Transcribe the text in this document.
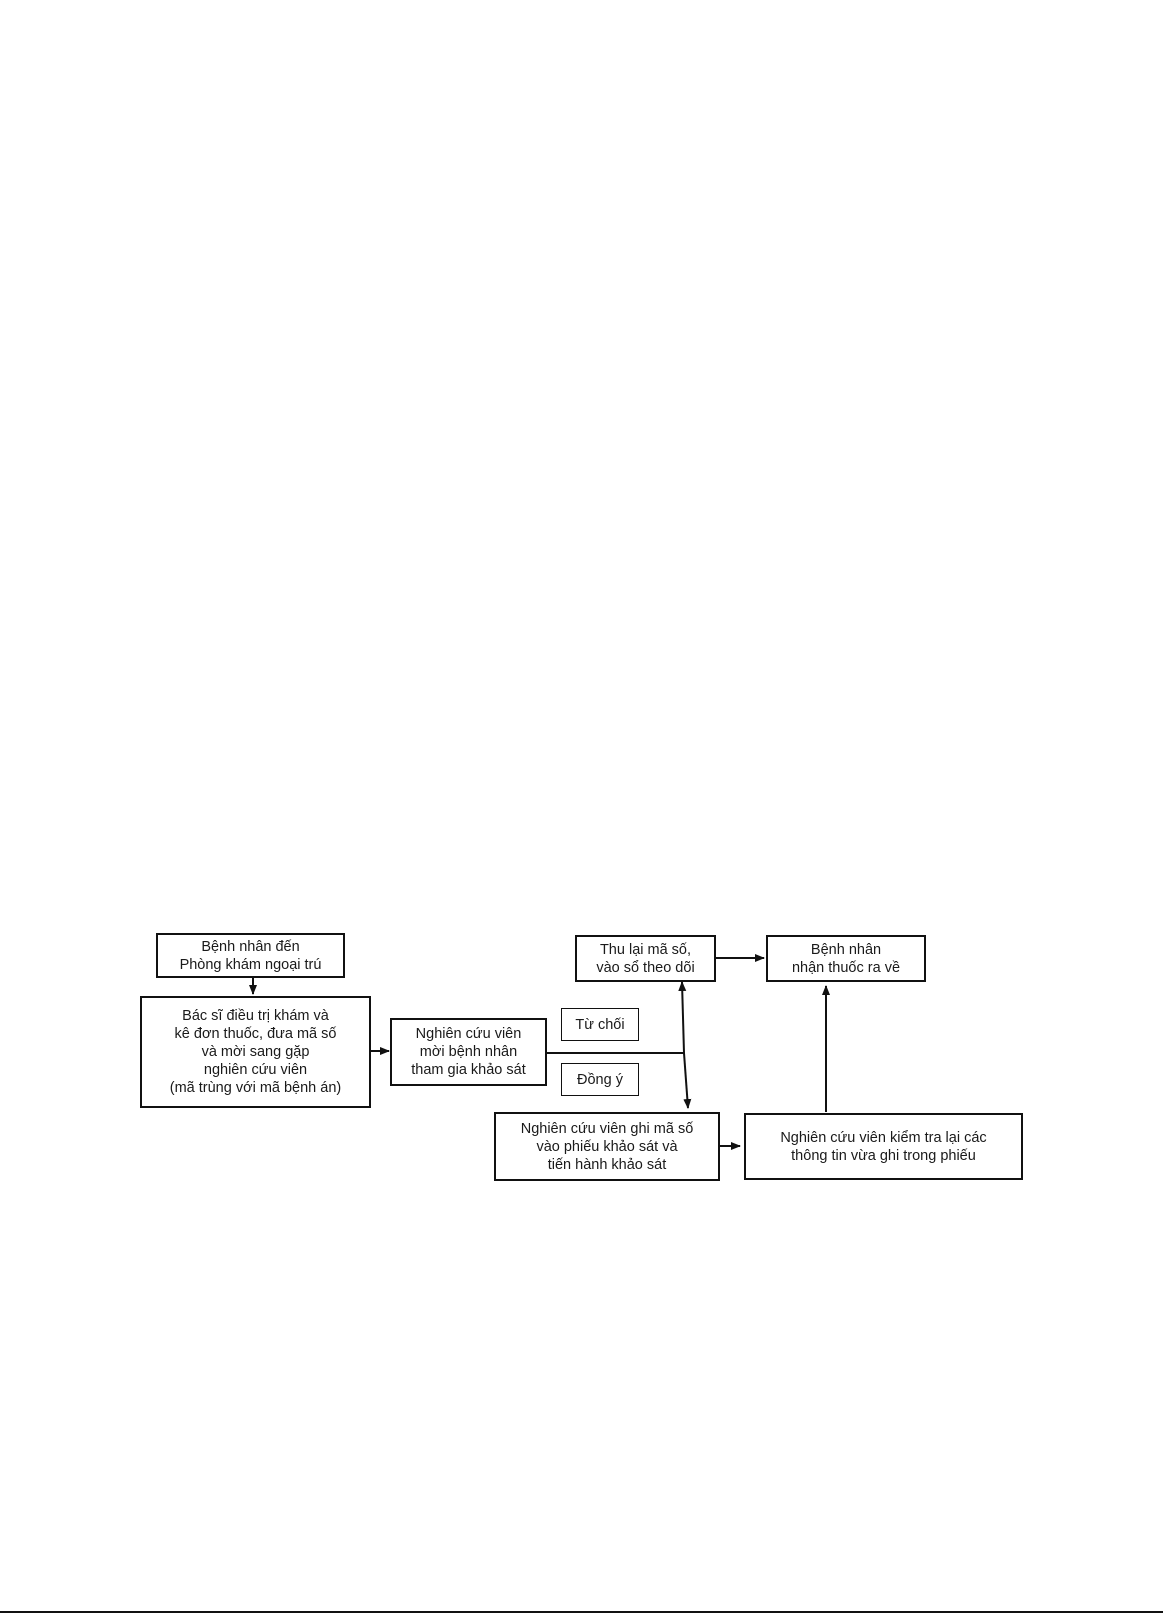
Bệnh nhân đến
Phòng khám ngoại trú
Bác sĩ điều trị khám và
kê đơn thuốc, đưa mã số
và mời sang gặp
nghiên cứu viên
(mã trùng với mã bệnh án)
Nghiên cứu viên
mời bệnh nhân
tham gia khảo sát
Từ chối
Đồng ý
Thu lại mã số,
vào sổ theo dõi
Bệnh nhân
nhận thuốc ra về
Nghiên cứu viên ghi mã số
vào phiếu khảo sát và
tiến hành khảo sát
Nghiên cứu viên kiểm tra lại các
thông tin vừa ghi trong phiếu
